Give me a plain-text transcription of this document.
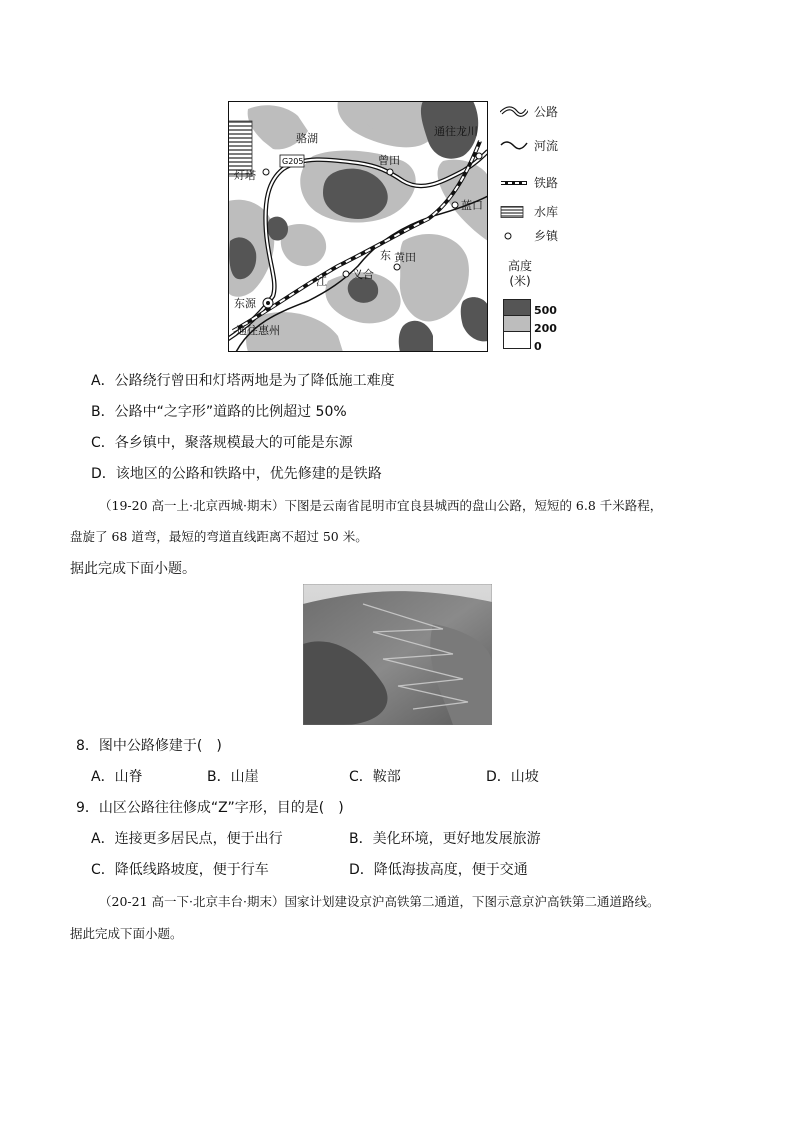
G205
骆湖
灯塔
曾田
通往龙川
蓝口
东 黄田
江
义合
东源
通往惠州
公路
河流
铁路
水库
乡镇
高度
(米)
500
200
0
A．公路绕行曾田和灯塔两地是为了降低施工难度
B．公路中“之字形”道路的比例超过 50%
C．各乡镇中，聚落规模最大的可能是东源
D．该地区的公路和铁路中，优先修建的是铁路
（19-20 高一上·北京西城·期末）下图是云南省昆明市宜良县城西的盘山公路，短短的 6.8 千米路程，
盘旋了 68 道弯，最短的弯道直线距离不超过 50 米。
据此完成下面小题。
8．图中公路修建于(　)
A．山脊	B．山崖	C．鞍部	D．山坡
9．山区公路往往修成“Z”字形，目的是(　)
A．连接更多居民点，便于出行	B．美化环境，更好地发展旅游
C．降低线路坡度，便于行车	D．降低海拔高度，便于交通
（20-21 高一下·北京丰台·期末）国家计划建设京沪高铁第二通道，下图示意京沪高铁第二通道路线。
据此完成下面小题。
